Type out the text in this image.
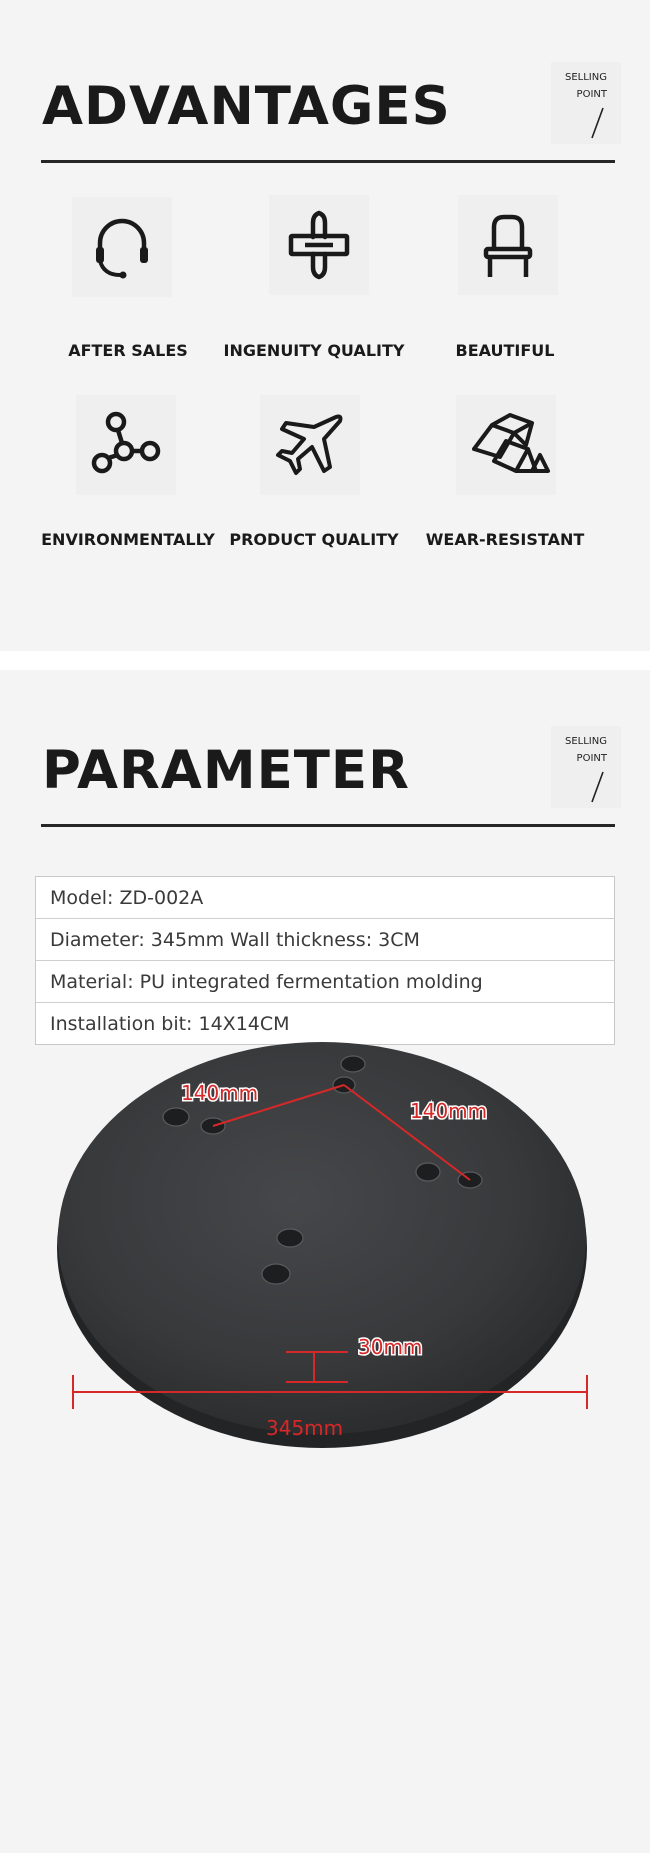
ADVANTAGES	SELLING
POINT
AFTER SALES	INGENUITY QUALITY	BEAUTIFUL
ENVIRONMENTALLY PRODUCT QUALITY	WEAR-RESISTANT
PARAMETER	SELLING
POINT
Model: ZD-002A
Diameter: 345mm Wall thickness: 3CM
Material: PU integrated fermentation molding
Installation bit: 14X14CM
140mm
140mm
30mm
345mm
